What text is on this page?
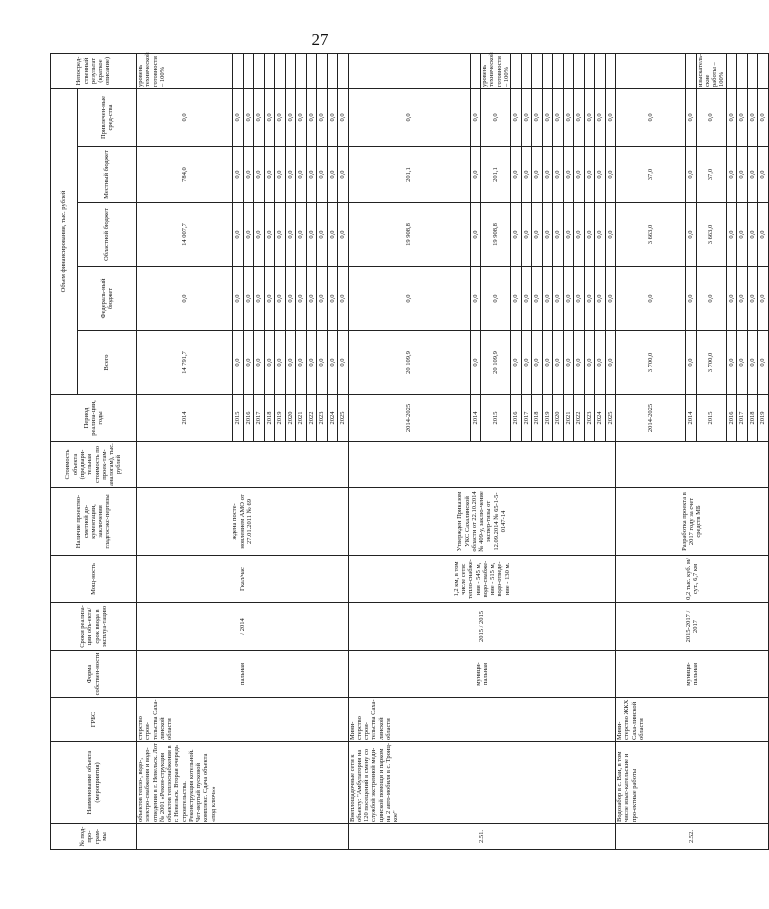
27
№ под-про-грам-мы	Наименование объекта (мероприятия)	ГРБС	Форма собствен-ности	Сроки реализа-ции объ-екта/срок ввода в эксплуа-тацию	Мощ-ность	Наличие проектно-сметной до-кументации, заключения гладгосэкс-пертизы	Стоимость объекта (предвари-тельная стоимость по проек-там-аналогам), тыс. рублей	Период реализа-ции, годы	Объем финансирования, тыс. рублей					Непосред-ственный результат (краткое описание)
									Всего	Федераль-ный бюджет	Областной бюджет	Местный бюджет	Привлечен-ные сред-ства	
	объектов тепло-, водо-, электро-снабжения и водо-отведения в г. Невельск. Лот № 2001 «Рекон-струкция объектов теплоснабжения в г. Невельск. Вторая очередь строительства. Реконструкция котельной. Чет-вертый пусковой комплекс. Сдача объекта «под ключ»»	стерство строи-тельства Саха-линской области	пальная	/ 2014	Гкал/час	ждена посте-новлением АМО от 27.01.2011 № 69		2014	14 791,7	0,0	14 007,7	784,0	0,0	уровень технической готовности – 100%
								2015	0,0	0,0	0,0	0,0	0,0	
								2016	0,0	0,0	0,0	0,0	0,0	
								2017	0,0	0,0	0,0	0,0	0,0	
								2018	0,0	0,0	0,0	0,0	0,0	
								2019	0,0	0,0	0,0	0,0	0,0	
								2020	0,0	0,0	0,0	0,0	0,0	
								2021	0,0	0,0	0,0	0,0	0,0	
								2022	0,0	0,0	0,0	0,0	0,0	
								2023	0,0	0,0	0,0	0,0	0,0	
								2024	0,0	0,0	0,0	0,0	0,0	
								2025	0,0	0,0	0,0	0,0	0,0	
2.51.	Внеплощадочные сети к объекту: "Амбулатория на 120 посещений в смену со службой экстренной меди-цинской помощи и парком на 2 авто-мобиля в с. Троиц-кое"	Мини-стерство строи-тельства Саха-линской области	муници-пальная	2015 / 2015	1,2 км, в том числе сети: тепло-снабже-ния - 545 м, водо-снабже-ние - 515 м, водо-отведе-ние - 130 м.	Утвержден Приказом УКС Сахалинской области от 22.10.2014 № 409-у, заклю-чение экспер-тизы от 12.09.2014 № 65-1-5-0147-14		2014-2025	20 109,9	0,0	19 908,8	201,1	0,0	
								2014	0,0	0,0	0,0	0,0	0,0	
								2015	20 109,9	0,0	19 908,8	201,1	0,0	уровень технической готовности – 100%
								2016	0,0	0,0	0,0	0,0	0,0	
								2017	0,0	0,0	0,0	0,0	0,0	
								2018	0,0	0,0	0,0	0,0	0,0	
								2019	0,0	0,0	0,0	0,0	0,0	
								2020	0,0	0,0	0,0	0,0	0,0	
								2021	0,0	0,0	0,0	0,0	0,0	
								2022	0,0	0,0	0,0	0,0	0,0	
								2023	0,0	0,0	0,0	0,0	0,0	
								2024	0,0	0,0	0,0	0,0	0,0	
								2025	0,0	0,0	0,0	0,0	0,0	
2.52.	Водозабор в с. Ваи, в том числе изыс-кательские и про-ектные работы	Мини-стерство ЖКХ Саха-линской области	муници-пальная	2015-2017 / 2017	0,2 тыс. куб. м/сут., 6,7 км	Разработка проекта в 2017 году за счет средств МБ		2014-2025	3 700,0	0,0	3 663,0	37,0	0,0	
								2014	0,0	0,0	0,0	0,0	0,0	
								2015	3 700,0	0,0	3 663,0	37,0	0,0	изыскатель-ские работы – 100%
								2016	0,0	0,0	0,0	0,0	0,0	
								2017	0,0	0,0	0,0	0,0	0,0	
								2018	0,0	0,0	0,0	0,0	0,0	
								2019	0,0	0,0	0,0	0,0	0,0	
